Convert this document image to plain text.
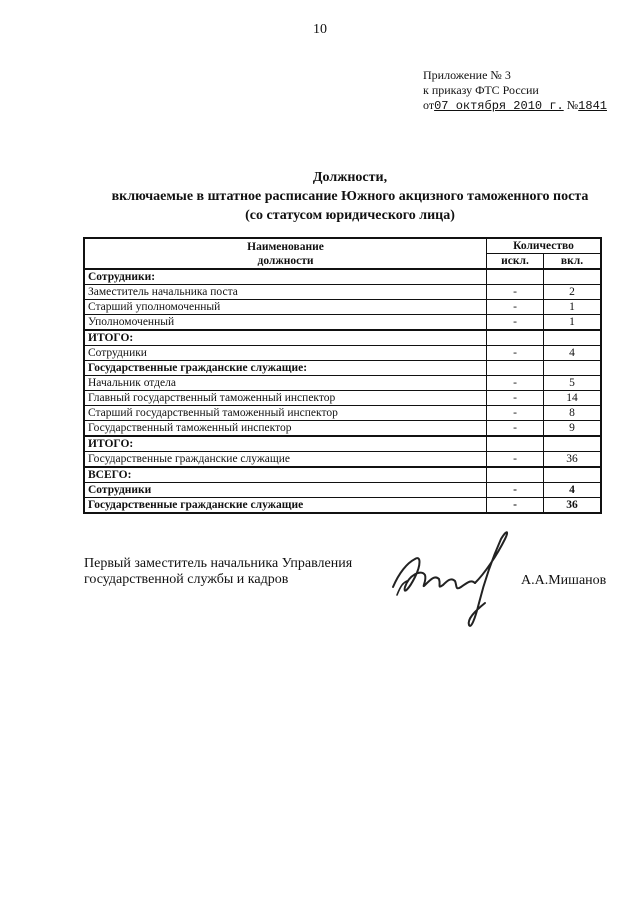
10
Приложение № 3
к приказу ФТС России
от07 октября 2010 г. №1841
Должности,
включаемые в штатное расписание Южного акцизного таможенного поста
(со статусом юридического лица)
Наименование
должности	Количество	
	искл.	вкл.
Сотрудники:		
Заместитель начальника поста	-	2
Старший уполномоченный	-	1
Уполномоченный	-	1
ИТОГО:		
Сотрудники	-	4
Государственные гражданские служащие:		
Начальник отдела	-	5
Главный государственный таможенный инспектор	-	14
Старший государственный таможенный инспектор	-	8
Государственный таможенный инспектор	-	9
ИТОГО:		
Государственные гражданские служащие	-	36
ВСЕГО:		
Сотрудники	-	4
Государственные гражданские служащие	-	36
Первый заместитель начальника Управления
государственной службы и кадров	А.А.Мишанов
